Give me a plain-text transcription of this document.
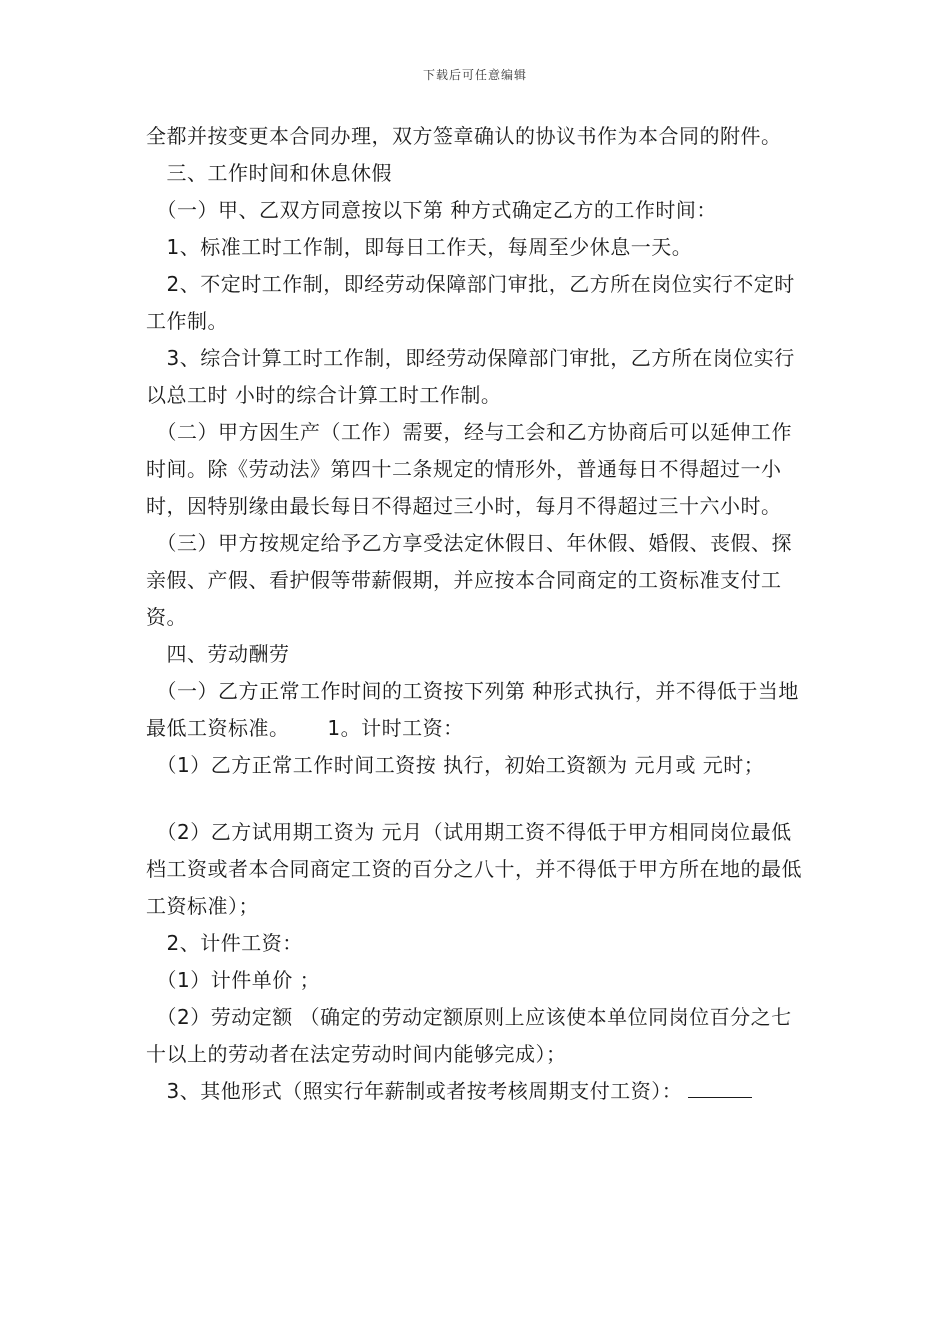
下载后可任意编辑

全都并按变更本合同办理，双方签章确认的协议书作为本合同的附件。

　三、工作时间和休息休假

　（一）甲、乙双方同意按以下第 种方式确定乙方的工作时间：

　1、标准工时工作制，即每日工作天，每周至少休息一天。

　2、不定时工作制，即经劳动保障部门审批，乙方所在岗位实行不定时工作制。

　3、综合计算工时工作制，即经劳动保障部门审批，乙方所在岗位实行以总工时 小时的综合计算工时工作制。

　（二）甲方因生产（工作）需要，经与工会和乙方协商后可以延伸工作时间。除《劳动法》第四十二条规定的情形外，普通每日不得超过一小时，因特别缘由最长每日不得超过三小时，每月不得超过三十六小时。

　（三）甲方按规定给予乙方享受法定休假日、年休假、婚假、丧假、探亲假、产假、看护假等带薪假期，并应按本合同商定的工资标准支付工资。

　四、劳动酬劳

　（一）乙方正常工作时间的工资按下列第 种形式执行，并不得低于当地最低工资标准。　　 1。计时工资：

　（1）乙方正常工作时间工资按 执行，初始工资额为 元月或 元时；

　（2）乙方试用期工资为 元月（试用期工资不得低于甲方相同岗位最低档工资或者本合同商定工资的百分之八十，并不得低于甲方所在地的最低工资标准）；

　2、计件工资：

　（1）计件单价 ；

　（2）劳动定额 （确定的劳动定额原则上应该使本单位同岗位百分之七十以上的劳动者在法定劳动时间内能够完成）；

　3、其他形式（照实行年薪制或者按考核周期支付工资）：
